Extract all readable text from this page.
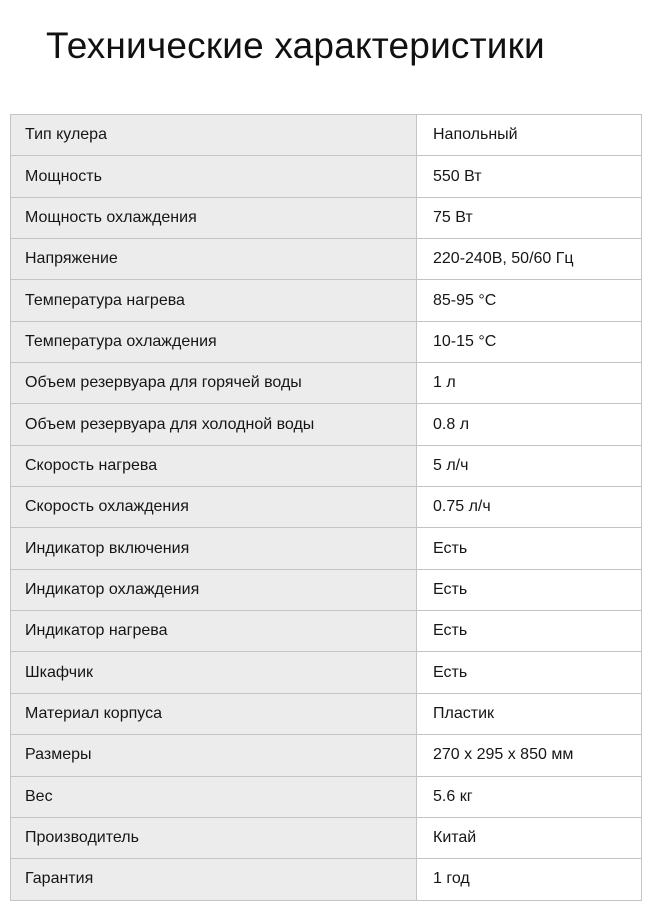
Технические характеристики
Тип кулера	Напольный
Мощность	550 Вт
Мощность охлаждения	75 Вт
Напряжение	220-240В, 50/60 Гц
Температура нагрева	85-95 °C
Температура охлаждения	10-15 °C
Объем резервуара для горячей воды	1 л
Объем резервуара для холодной воды	0.8 л
Скорость нагрева	5 л/ч
Скорость охлаждения	0.75 л/ч
Индикатор включения	Есть
Индикатор охлаждения	Есть
Индикатор нагрева	Есть
Шкафчик	Есть
Материал корпуса	Пластик
Размеры	270 x 295 x 850 мм
Вес	5.6 кг
Производитель	Китай
Гарантия	1 год
